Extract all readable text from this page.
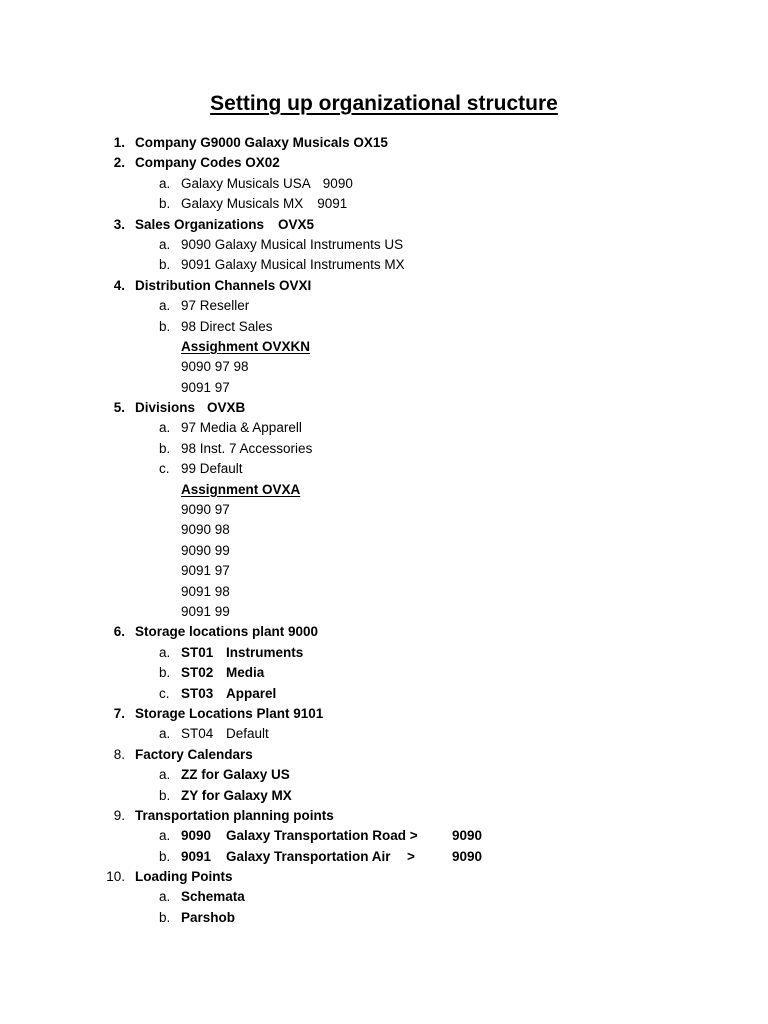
Setting up organizational structure
1. Company G9000 Galaxy Musicals OX15
2. Company Codes OX02
a. Galaxy Musicals USA 9090
b. Galaxy Musicals MX 9091
3. Sales Organizations OVX5
a. 9090 Galaxy Musical Instruments US
b. 9091 Galaxy Musical Instruments MX
4. Distribution Channels OVXI
a. 97 Reseller
b. 98 Direct Sales
Assighment OVXKN
9090 97 98
9091 97
5. Divisions OVXB
a. 97 Media & Apparell
b. 98 Inst. 7 Accessories
c. 99 Default
Assignment OVXA
9090 97
9090 98
9090 99
9091 97
9091 98
9091 99
6. Storage locations plant 9000
a. ST01 Instruments
b. ST02 Media
c. ST03 Apparel
7. Storage Locations Plant 9101
a. ST04 Default
8. Factory Calendars
a. ZZ for Galaxy US
b. ZY for Galaxy MX
9. Transportation planning points
a. 9090 Galaxy Transportation Road >	9090
b. 9091 Galaxy Transportation Air >	9090
10. Loading Points
a. Schemata
b. Parshob
